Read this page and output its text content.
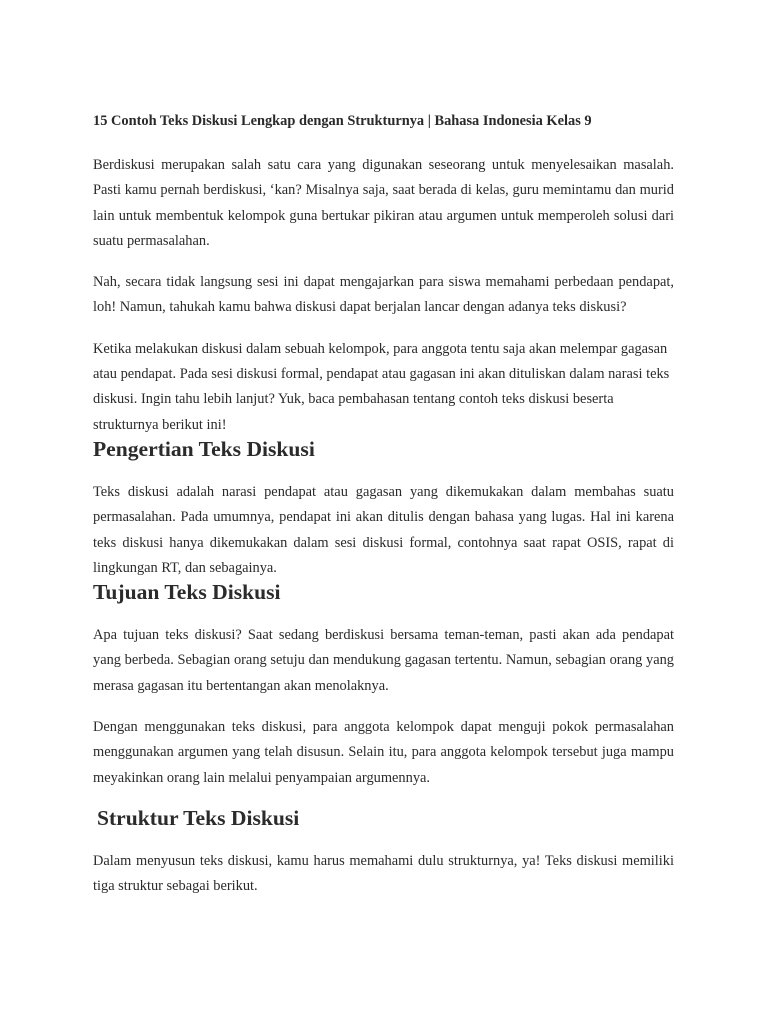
15 Contoh Teks Diskusi Lengkap dengan Strukturnya | Bahasa Indonesia Kelas 9

Berdiskusi merupakan salah satu cara yang digunakan seseorang untuk menyelesaikan masalah. Pasti kamu pernah berdiskusi, ‘kan? Misalnya saja, saat berada di kelas, guru memintamu dan murid lain untuk membentuk kelompok guna bertukar pikiran atau argumen untuk memperoleh solusi dari suatu permasalahan.

Nah, secara tidak langsung sesi ini dapat mengajarkan para siswa memahami perbedaan pendapat, loh! Namun, tahukah kamu bahwa diskusi dapat berjalan lancar dengan adanya teks diskusi?

Ketika melakukan diskusi dalam sebuah kelompok, para anggota tentu saja akan melempar gagasan atau pendapat. Pada sesi diskusi formal, pendapat atau gagasan ini akan dituliskan dalam narasi teks diskusi. Ingin tahu lebih lanjut? Yuk, baca pembahasan tentang contoh teks diskusi beserta strukturnya berikut ini!

Pengertian Teks Diskusi

Teks diskusi adalah narasi pendapat atau gagasan yang dikemukakan dalam membahas suatu permasalahan. Pada umumnya, pendapat ini akan ditulis dengan bahasa yang lugas. Hal ini karena teks diskusi hanya dikemukakan dalam sesi diskusi formal, contohnya saat rapat OSIS, rapat di lingkungan RT, dan sebagainya.

Tujuan Teks Diskusi

Apa tujuan teks diskusi? Saat sedang berdiskusi bersama teman-teman, pasti akan ada pendapat yang berbeda. Sebagian orang setuju dan mendukung gagasan tertentu. Namun, sebagian orang yang merasa gagasan itu bertentangan akan menolaknya.

Dengan menggunakan teks diskusi, para anggota kelompok dapat menguji pokok permasalahan menggunakan argumen yang telah disusun. Selain itu, para anggota kelompok tersebut juga mampu meyakinkan orang lain melalui penyampaian argumennya.

Struktur Teks Diskusi

Dalam menyusun teks diskusi, kamu harus memahami dulu strukturnya, ya! Teks diskusi memiliki tiga struktur sebagai berikut.
